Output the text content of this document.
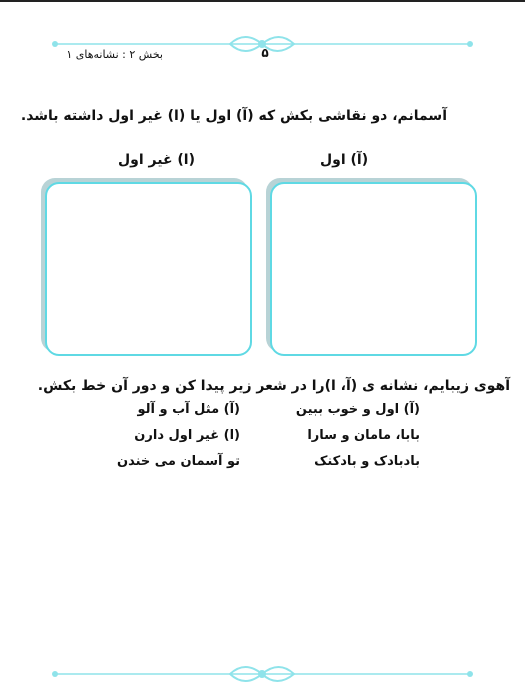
بخش ۲ : نشانه‌های ۱	۵
آسمانم، دو نقاشی بکش که (آ) اول یا (ا) غیر اول داشته باشد.
(آ) اول
(ا) غیر اول
آهوی زیبایم، نشانه ی (آ، ا)را در شعر زیر پیدا کن و دور آن خط بکش.
(آ) اول و خوب ببین
(آ) مثل آب و آلو
بابا، مامان و سارا
(ا) غیر اول دارن
بادبادک و بادکنک
تو آسمان می خندن
